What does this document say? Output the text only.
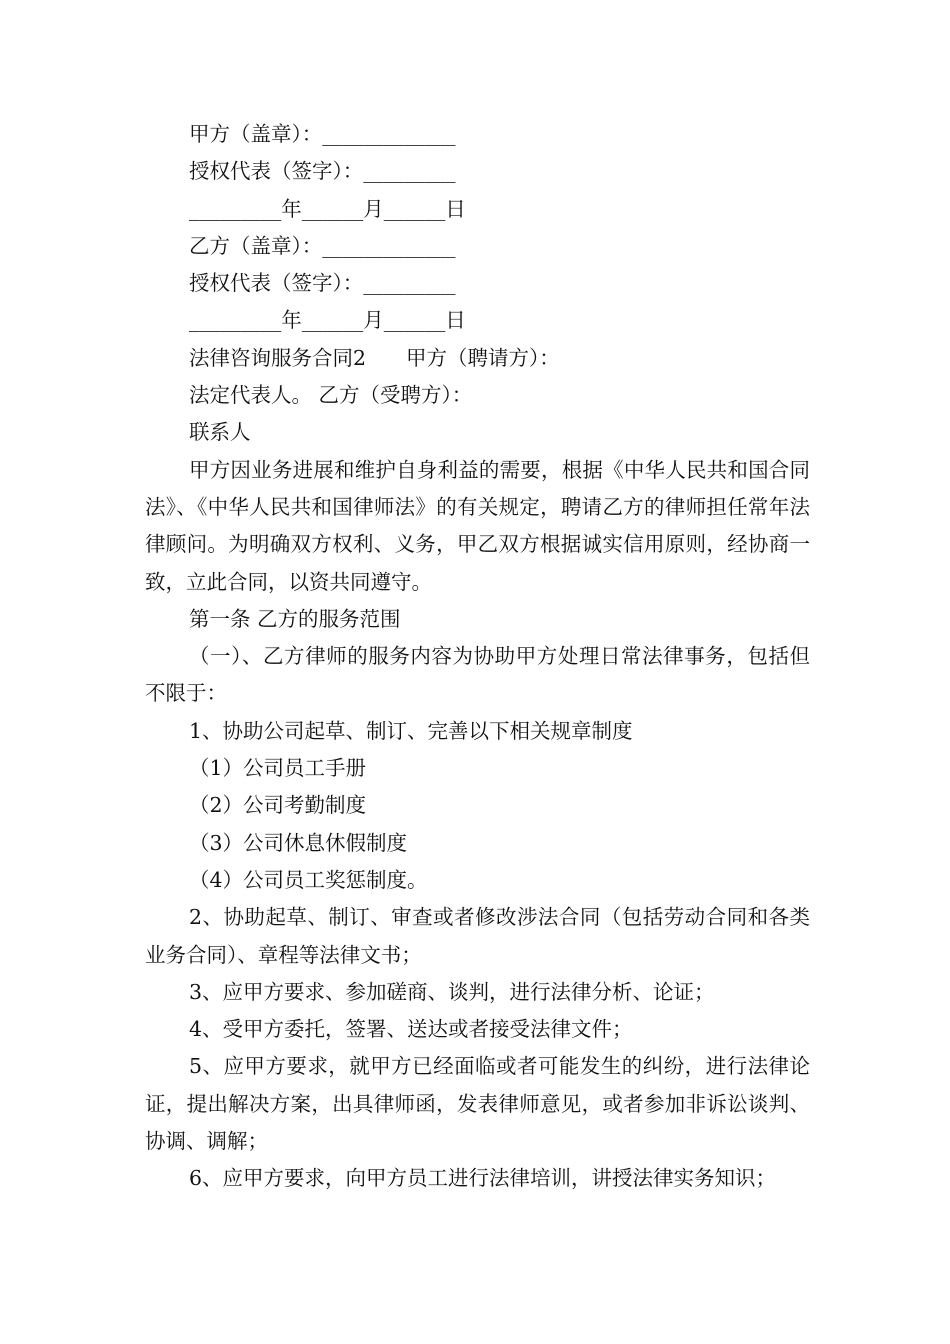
甲方（盖章）：_____________
授权代表（签字）：_________
_________年______月______日
乙方（盖章）：_____________
授权代表（签字）：_________
_________年______月______日
法律咨询服务合同2 甲方（聘请方）：
法定代表人。 乙方（受聘方）：
联系人
甲方因业务进展和维护自身利益的需要，根据《中华人民共和国合同法》、《中华人民共和国律师法》的有关规定，聘请乙方的律师担任常年法律顾问。为明确双方权利、义务，甲乙双方根据诚实信用原则，经协商一致，立此合同，以资共同遵守。
第一条 乙方的服务范围
（一）、乙方律师的服务内容为协助甲方处理日常法律事务，包括但不限于：
1、协助公司起草、制订、完善以下相关规章制度
（1）公司员工手册
（2）公司考勤制度
（3）公司休息休假制度
（4）公司员工奖惩制度。
2、协助起草、制订、审查或者修改涉法合同（包括劳动合同和各类业务合同）、章程等法律文书；
3、应甲方要求、参加磋商、谈判，进行法律分析、论证；
4、受甲方委托，签署、送达或者接受法律文件；
5、应甲方要求，就甲方已经面临或者可能发生的纠纷，进行法律论证，提出解决方案，出具律师函，发表律师意见，或者参加非诉讼谈判、协调、调解；
6、应甲方要求，向甲方员工进行法律培训，讲授法律实务知识；
